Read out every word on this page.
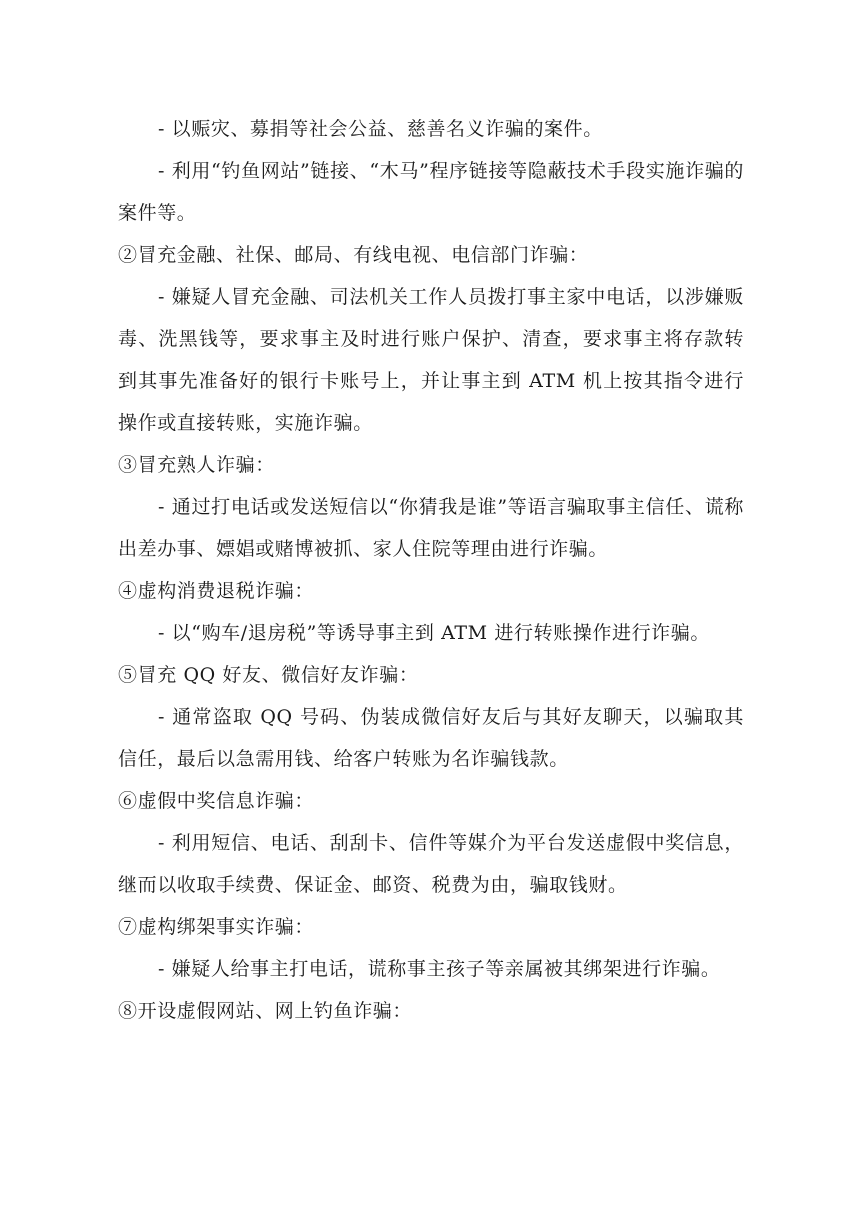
- 以赈灾、募捐等社会公益、慈善名义诈骗的案件。

- 利用“钓鱼网站”链接、“木马”程序链接等隐蔽技术手段实施诈骗的案件等。

②冒充金融、社保、邮局、有线电视、电信部门诈骗：

- 嫌疑人冒充金融、司法机关工作人员拨打事主家中电话，以涉嫌贩毒、洗黑钱等，要求事主及时进行账户保护、清查，要求事主将存款转到其事先准备好的银行卡账号上，并让事主到 ATM 机上按其指令进行操作或直接转账，实施诈骗。

③冒充熟人诈骗：

- 通过打电话或发送短信以“你猜我是谁”等语言骗取事主信任、谎称出差办事、嫖娼或赌博被抓、家人住院等理由进行诈骗。

④虚构消费退税诈骗：

- 以“购车/退房税”等诱导事主到 ATM 进行转账操作进行诈骗。

⑤冒充 QQ 好友、微信好友诈骗：

- 通常盗取 QQ 号码、伪装成微信好友后与其好友聊天，以骗取其信任，最后以急需用钱、给客户转账为名诈骗钱款。

⑥虚假中奖信息诈骗：

- 利用短信、电话、刮刮卡、信件等媒介为平台发送虚假中奖信息，继而以收取手续费、保证金、邮资、税费为由，骗取钱财。

⑦虚构绑架事实诈骗：

- 嫌疑人给事主打电话，谎称事主孩子等亲属被其绑架进行诈骗。

⑧开设虚假网站、网上钓鱼诈骗：
